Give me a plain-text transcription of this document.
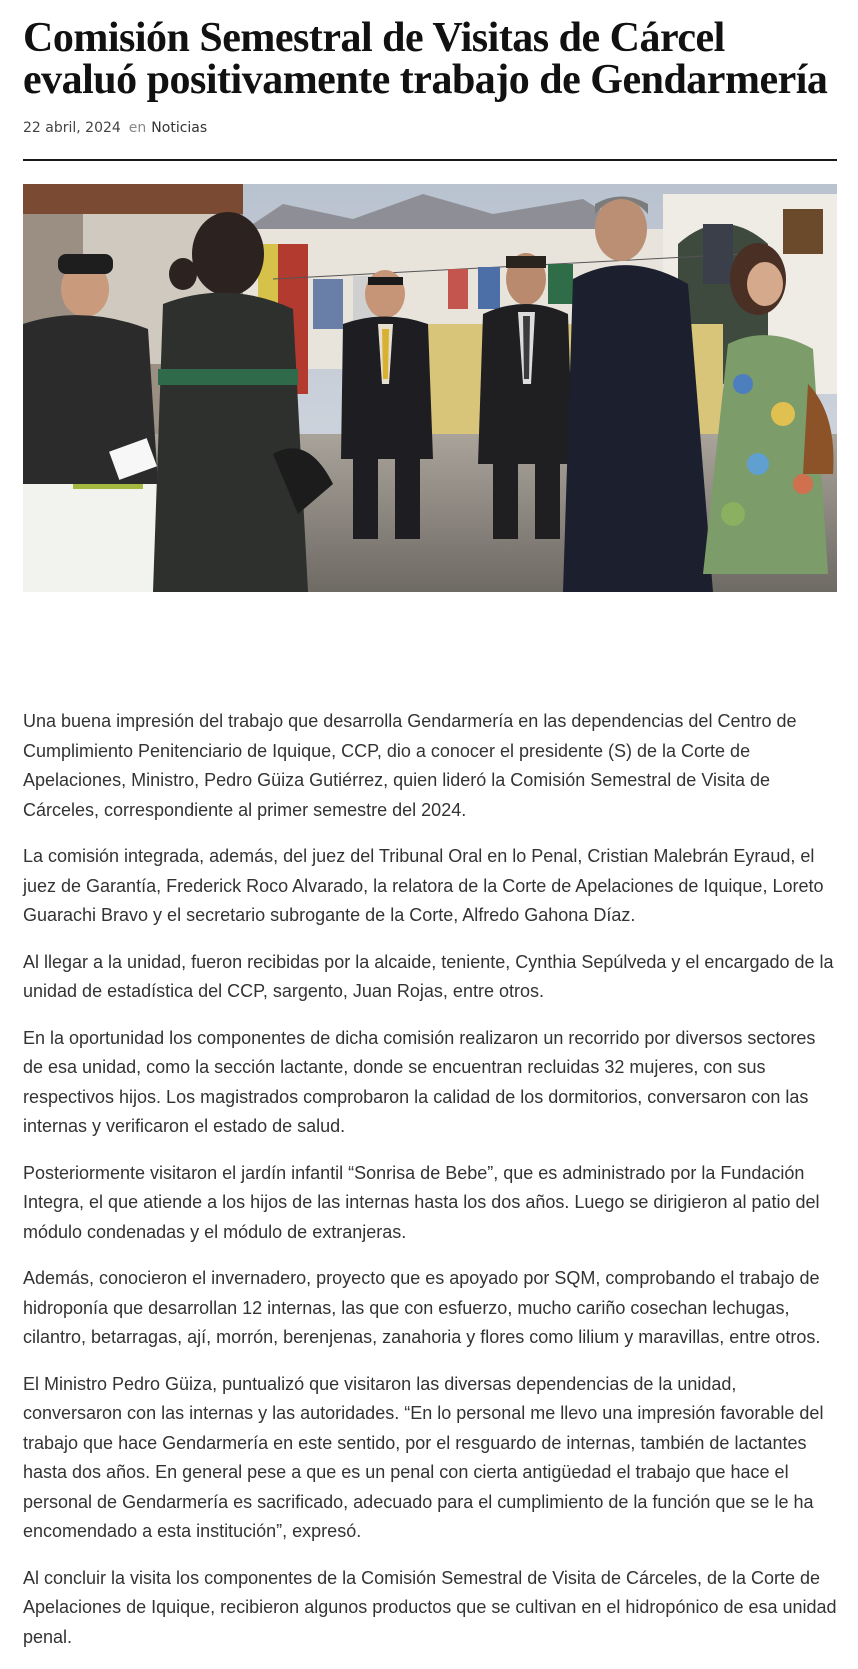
Comisión Semestral de Visitas de Cárcel evaluó positivamente trabajo de Gendarmería
22 abril, 2024 en Noticias

Una buena impresión del trabajo que desarrolla Gendarmería en las dependencias del Centro de Cumplimiento Penitenciario de Iquique, CCP, dio a conocer el presidente (S) de la Corte de Apelaciones, Ministro, Pedro Güiza Gutiérrez, quien lideró la Comisión Semestral de Visita de Cárceles, correspondiente al primer semestre del 2024.

La comisión integrada, además, del juez del Tribunal Oral en lo Penal, Cristian Malebrán Eyraud, el juez de Garantía, Frederick Roco Alvarado, la relatora de la Corte de Apelaciones de Iquique, Loreto Guarachi Bravo y el secretario subrogante de la Corte, Alfredo Gahona Díaz.

Al llegar a la unidad, fueron recibidas por la alcaide, teniente, Cynthia Sepúlveda y el encargado de la unidad de estadística del CCP, sargento, Juan Rojas, entre otros.

En la oportunidad los componentes de dicha comisión realizaron un recorrido por diversos sectores de esa unidad, como la sección lactante, donde se encuentran recluidas 32 mujeres, con sus respectivos hijos. Los magistrados comprobaron la calidad de los dormitorios, conversaron con las internas y verificaron el estado de salud.

Posteriormente visitaron el jardín infantil “Sonrisa de Bebe”, que es administrado por la Fundación Integra, el que atiende a los hijos de las internas hasta los dos años. Luego se dirigieron al patio del módulo condenadas y el módulo de extranjeras.

Además, conocieron el invernadero, proyecto que es apoyado por SQM, comprobando el trabajo de hidroponía que desarrollan 12 internas, las que con esfuerzo, mucho cariño cosechan lechugas, cilantro, betarragas, ají, morrón, berenjenas, zanahoria y flores como lilium y maravillas, entre otros.

El Ministro Pedro Güiza, puntualizó que visitaron las diversas dependencias de la unidad, conversaron con las internas y las autoridades. “En lo personal me llevo una impresión favorable del trabajo que hace Gendarmería en este sentido, por el resguardo de internas, también de lactantes hasta dos años. En general pese a que es un penal con cierta antigüedad el trabajo que hace el personal de Gendarmería es sacrificado, adecuado para el cumplimiento de la función que se le ha encomendado a esta institución”, expresó.

Al concluir la visita los componentes de la Comisión Semestral de Visita de Cárceles, de la Corte de Apelaciones de Iquique, recibieron algunos productos que se cultivan en el hidropónico de esa unidad penal.
